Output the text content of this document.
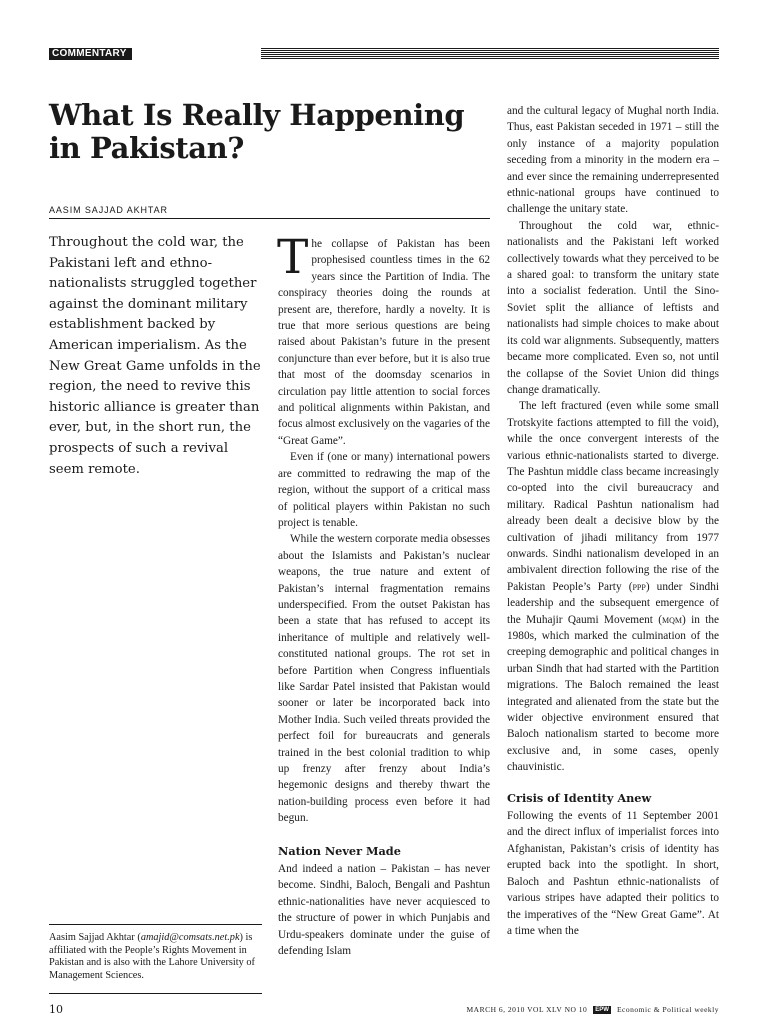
COMMENTARY
What Is Really Happening in Pakistan?
AASIM SAJJAD AKHTAR

Throughout the cold war, the Pakistani left and ethno-nationalists struggled together against the dominant military establishment backed by American imperialism. As the New Great Game unfolds in the region, the need to revive this historic alliance is greater than ever, but, in the short run, the prospects of such a revival seem remote.

Aasim Sajjad Akhtar (amajid@comsats.net.pk) is affiliated with the People’s Rights Movement in Pakistan and is also with the Lahore University of Management Sciences.

The collapse of Pakistan has been prophesised countless times in the 62 years since the Partition of India. The conspiracy theories doing the rounds at present are, therefore, hardly a novelty. It is true that more serious questions are being raised about Pakistan’s future in the present conjuncture than ever before, but it is also true that most of the doomsday scenarios in circulation pay little attention to social forces and political alignments within Pakistan, and focus almost exclusively on the vagaries of the “Great Game”.

Even if (one or many) international powers are committed to redrawing the map of the region, without the support of a critical mass of political players within Pakistan no such project is tenable.

While the western corporate media obsesses about the Islamists and Pakistan’s nuclear weapons, the true nature and extent of Pakistan’s internal fragmentation remains underspecified. From the outset Pakistan has been a state that has refused to accept its inheritance of multiple and relatively well-constituted national groups. The rot set in before Partition when Congress influentials like Sardar Patel insisted that Pakistan would sooner or later be incorporated back into Mother India. Such veiled threats provided the perfect foil for bureaucrats and generals trained in the best colonial tradition to whip up frenzy after frenzy about India’s hegemonic designs and thereby thwart the nation-building process even before it had begun.

Nation Never Made

And indeed a nation – Pakistan – has never become. Sindhi, Baloch, Bengali and Pashtun ethnic-nationalities have never acquiesced to the structure of power in which Punjabis and Urdu-speakers dominate under the guise of defending Islam

and the cultural legacy of Mughal north India. Thus, east Pakistan seceded in 1971 – still the only instance of a majority population seceding from a minority in the modern era – and ever since the remaining underrepresented ethnic-national groups have continued to challenge the unitary state.

Throughout the cold war, ethnic-nationalists and the Pakistani left worked collectively towards what they perceived to be a shared goal: to transform the unitary state into a socialist federation. Until the Sino-Soviet split the alliance of leftists and nationalists had simple choices to make about its cold war alignments. Subsequently, matters became more complicated. Even so, not until the collapse of the Soviet Union did things change dramatically.

The left fractured (even while some small Trotskyite factions attempted to fill the void), while the once convergent interests of the various ethnic-nationalists started to diverge. The Pashtun middle class became increasingly co-opted into the civil bureaucracy and military. Radical Pashtun nationalism had already been dealt a decisive blow by the cultivation of jihadi militancy from 1977 onwards. Sindhi nationalism developed in an ambivalent direction following the rise of the Pakistan People’s Party (ppp) under Sindhi leadership and the subsequent emergence of the Muhajir Qaumi Movement (mqm) in the 1980s, which marked the culmination of the creeping demographic and political changes in urban Sindh that had started with the Partition migrations. The Baloch remained the least integrated and alienated from the state but the wider objective environment ensured that Baloch nationalism started to become more exclusive and, in some cases, openly chauvinistic.

Crisis of Identity Anew

Following the events of 11 September 2001 and the direct influx of imperialist forces into Afghanistan, Pakistan’s crisis of identity has erupted back into the spotlight. In short, Baloch and Pashtun ethnic-nationalists of various stripes have adapted their politics to the imperatives of the “New Great Game”. At a time when the

10	MARCH 6, 2010 VOL XLV NO 10	EPW Economic & Political weekly
